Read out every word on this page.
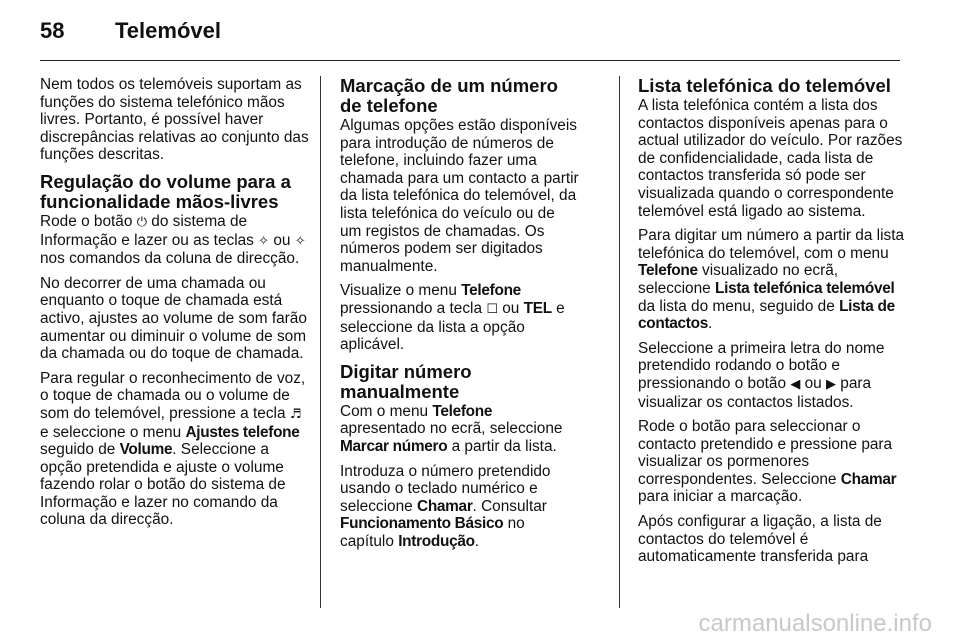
58 Telemóvel

Nem todos os telemóveis suportam as funções do sistema telefónico mãos livres. Portanto, é possível haver discrepâncias relativas ao conjunto das funções descritas.

Regulação do volume para a funcionalidade mãos-livres

Rode o botão ⏻ do sistema de Informação e lazer ou as teclas ✧ ou ✧ nos comandos da coluna de direcção.

No decorrer de uma chamada ou enquanto o toque de chamada está activo, ajustes ao volume de som farão aumentar ou diminuir o volume de som da chamada ou do toque de chamada.

Para regular o reconhecimento de voz, o toque de chamada ou o volume de som do telemóvel, pressione a tecla ♬ e seleccione o menu Ajustes telefone seguido de Volume. Seleccione a opção pretendida e ajuste o volume fazendo rolar o botão do sistema de Informação e lazer no comando da coluna da direcção.

Marcação de um número de telefone

Algumas opções estão disponíveis para introdução de números de telefone, incluindo fazer uma chamada para um contacto a partir da lista telefónica do telemóvel, da lista telefónica do veículo ou de um registos de chamadas. Os números podem ser digitados manualmente.

Visualize o menu Telefone pressionando a tecla ☐ ou TEL e seleccione da lista a opção aplicável.

Digitar número manualmente

Com o menu Telefone apresentado no ecrã, seleccione Marcar número a partir da lista.

Introduza o número pretendido usando o teclado numérico e seleccione Chamar. Consultar Funcionamento Básico no capítulo Introdução.

Lista telefónica do telemóvel

A lista telefónica contém a lista dos contactos disponíveis apenas para o actual utilizador do veículo. Por razões de confidencialidade, cada lista de contactos transferida só pode ser visualizada quando o correspondente telemóvel está ligado ao sistema.

Para digitar um número a partir da lista telefónica do telemóvel, com o menu Telefone visualizado no ecrã, seleccione Lista telefónica telemóvel da lista do menu, seguido de Lista de contactos.

Seleccione a primeira letra do nome pretendido rodando o botão e pressionando o botão ◀ ou ▶ para visualizar os contactos listados.

Rode o botão para seleccionar o contacto pretendido e pressione para visualizar os pormenores correspondentes. Seleccione Chamar para iniciar a marcação.

Após configurar a ligação, a lista de contactos do telemóvel é automaticamente transferida para

carmanualsonline.info
